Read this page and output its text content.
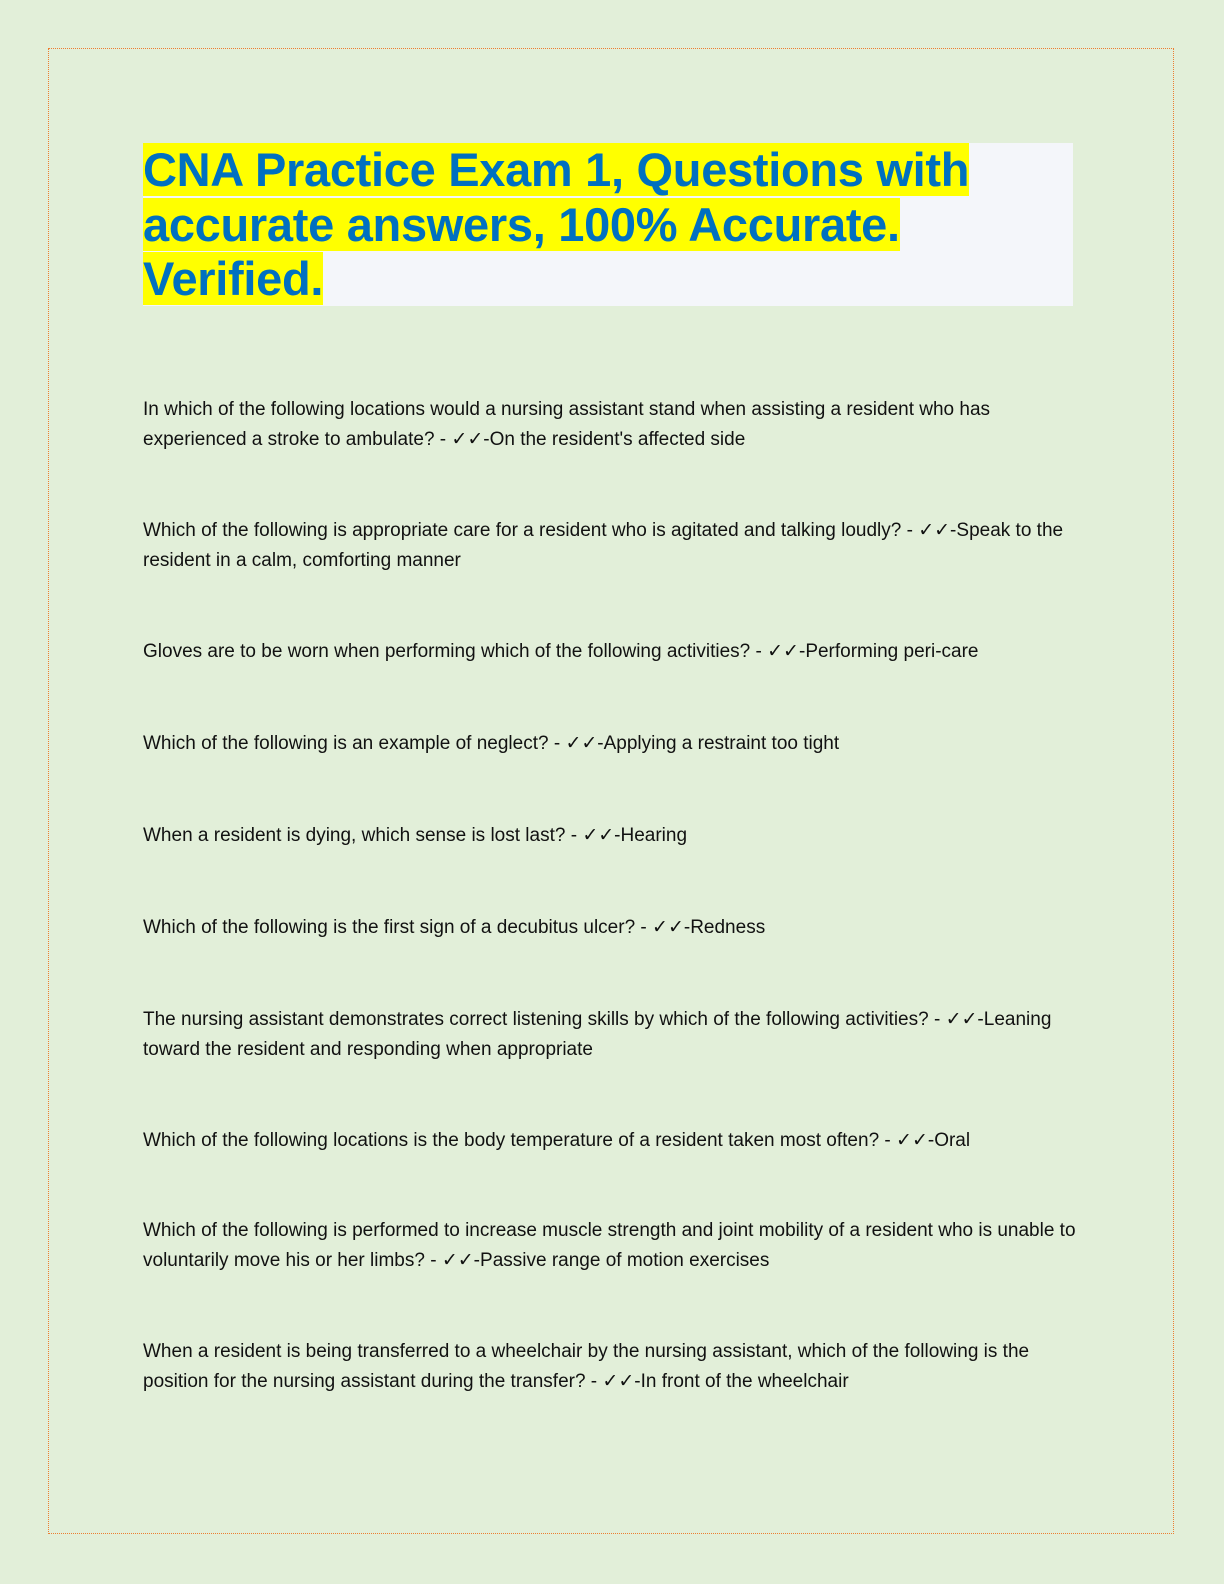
CNA Practice Exam 1, Questions with accurate answers, 100% Accurate. Verified.

In which of the following locations would a nursing assistant stand when assisting a resident who has experienced a stroke to ambulate? - ✓✓-On the resident's affected side

Which of the following is appropriate care for a resident who is agitated and talking loudly? - ✓✓-Speak to the resident in a calm, comforting manner

Gloves are to be worn when performing which of the following activities? - ✓✓-Performing peri-care

Which of the following is an example of neglect? - ✓✓-Applying a restraint too tight

When a resident is dying, which sense is lost last? - ✓✓-Hearing

Which of the following is the first sign of a decubitus ulcer? - ✓✓-Redness

The nursing assistant demonstrates correct listening skills by which of the following activities? - ✓✓-Leaning toward the resident and responding when appropriate

Which of the following locations is the body temperature of a resident taken most often? - ✓✓-Oral

Which of the following is performed to increase muscle strength and joint mobility of a resident who is unable to voluntarily move his or her limbs? - ✓✓-Passive range of motion exercises

When a resident is being transferred to a wheelchair by the nursing assistant, which of the following is the position for the nursing assistant during the transfer? - ✓✓-In front of the wheelchair
